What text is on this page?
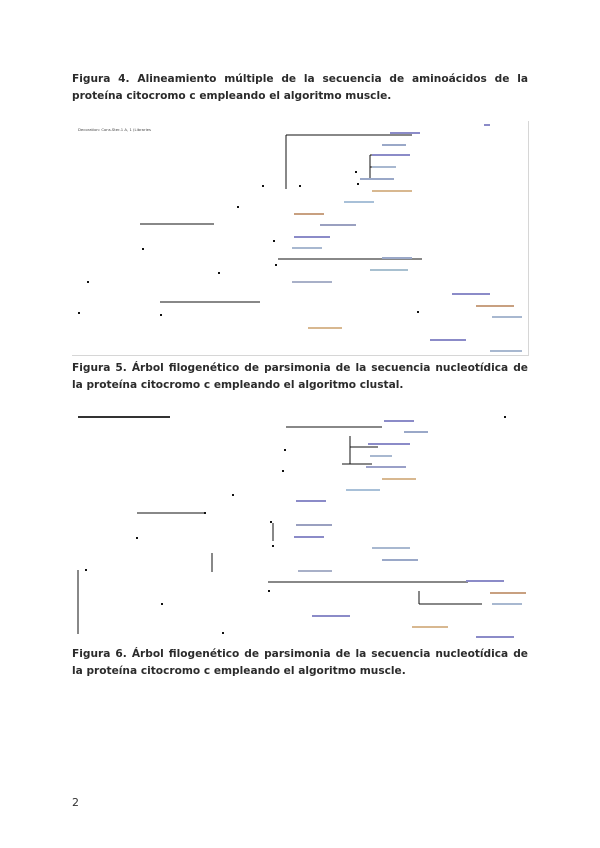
Figura 4. Alineamiento múltiple de la secuencia de aminoácidos de la proteína citocromo c empleando el algoritmo muscle.
Decoration: Cons.Ster-1 A, 1 (Libraries
Figura 5. Árbol filogenético de parsimonia de la secuencia nucleotídica de la proteína citocromo c empleando el algoritmo clustal.
Figura 6. Árbol filogenético de parsimonia de la secuencia nucleotídica de la proteína citocromo c empleando el algoritmo muscle.
2
